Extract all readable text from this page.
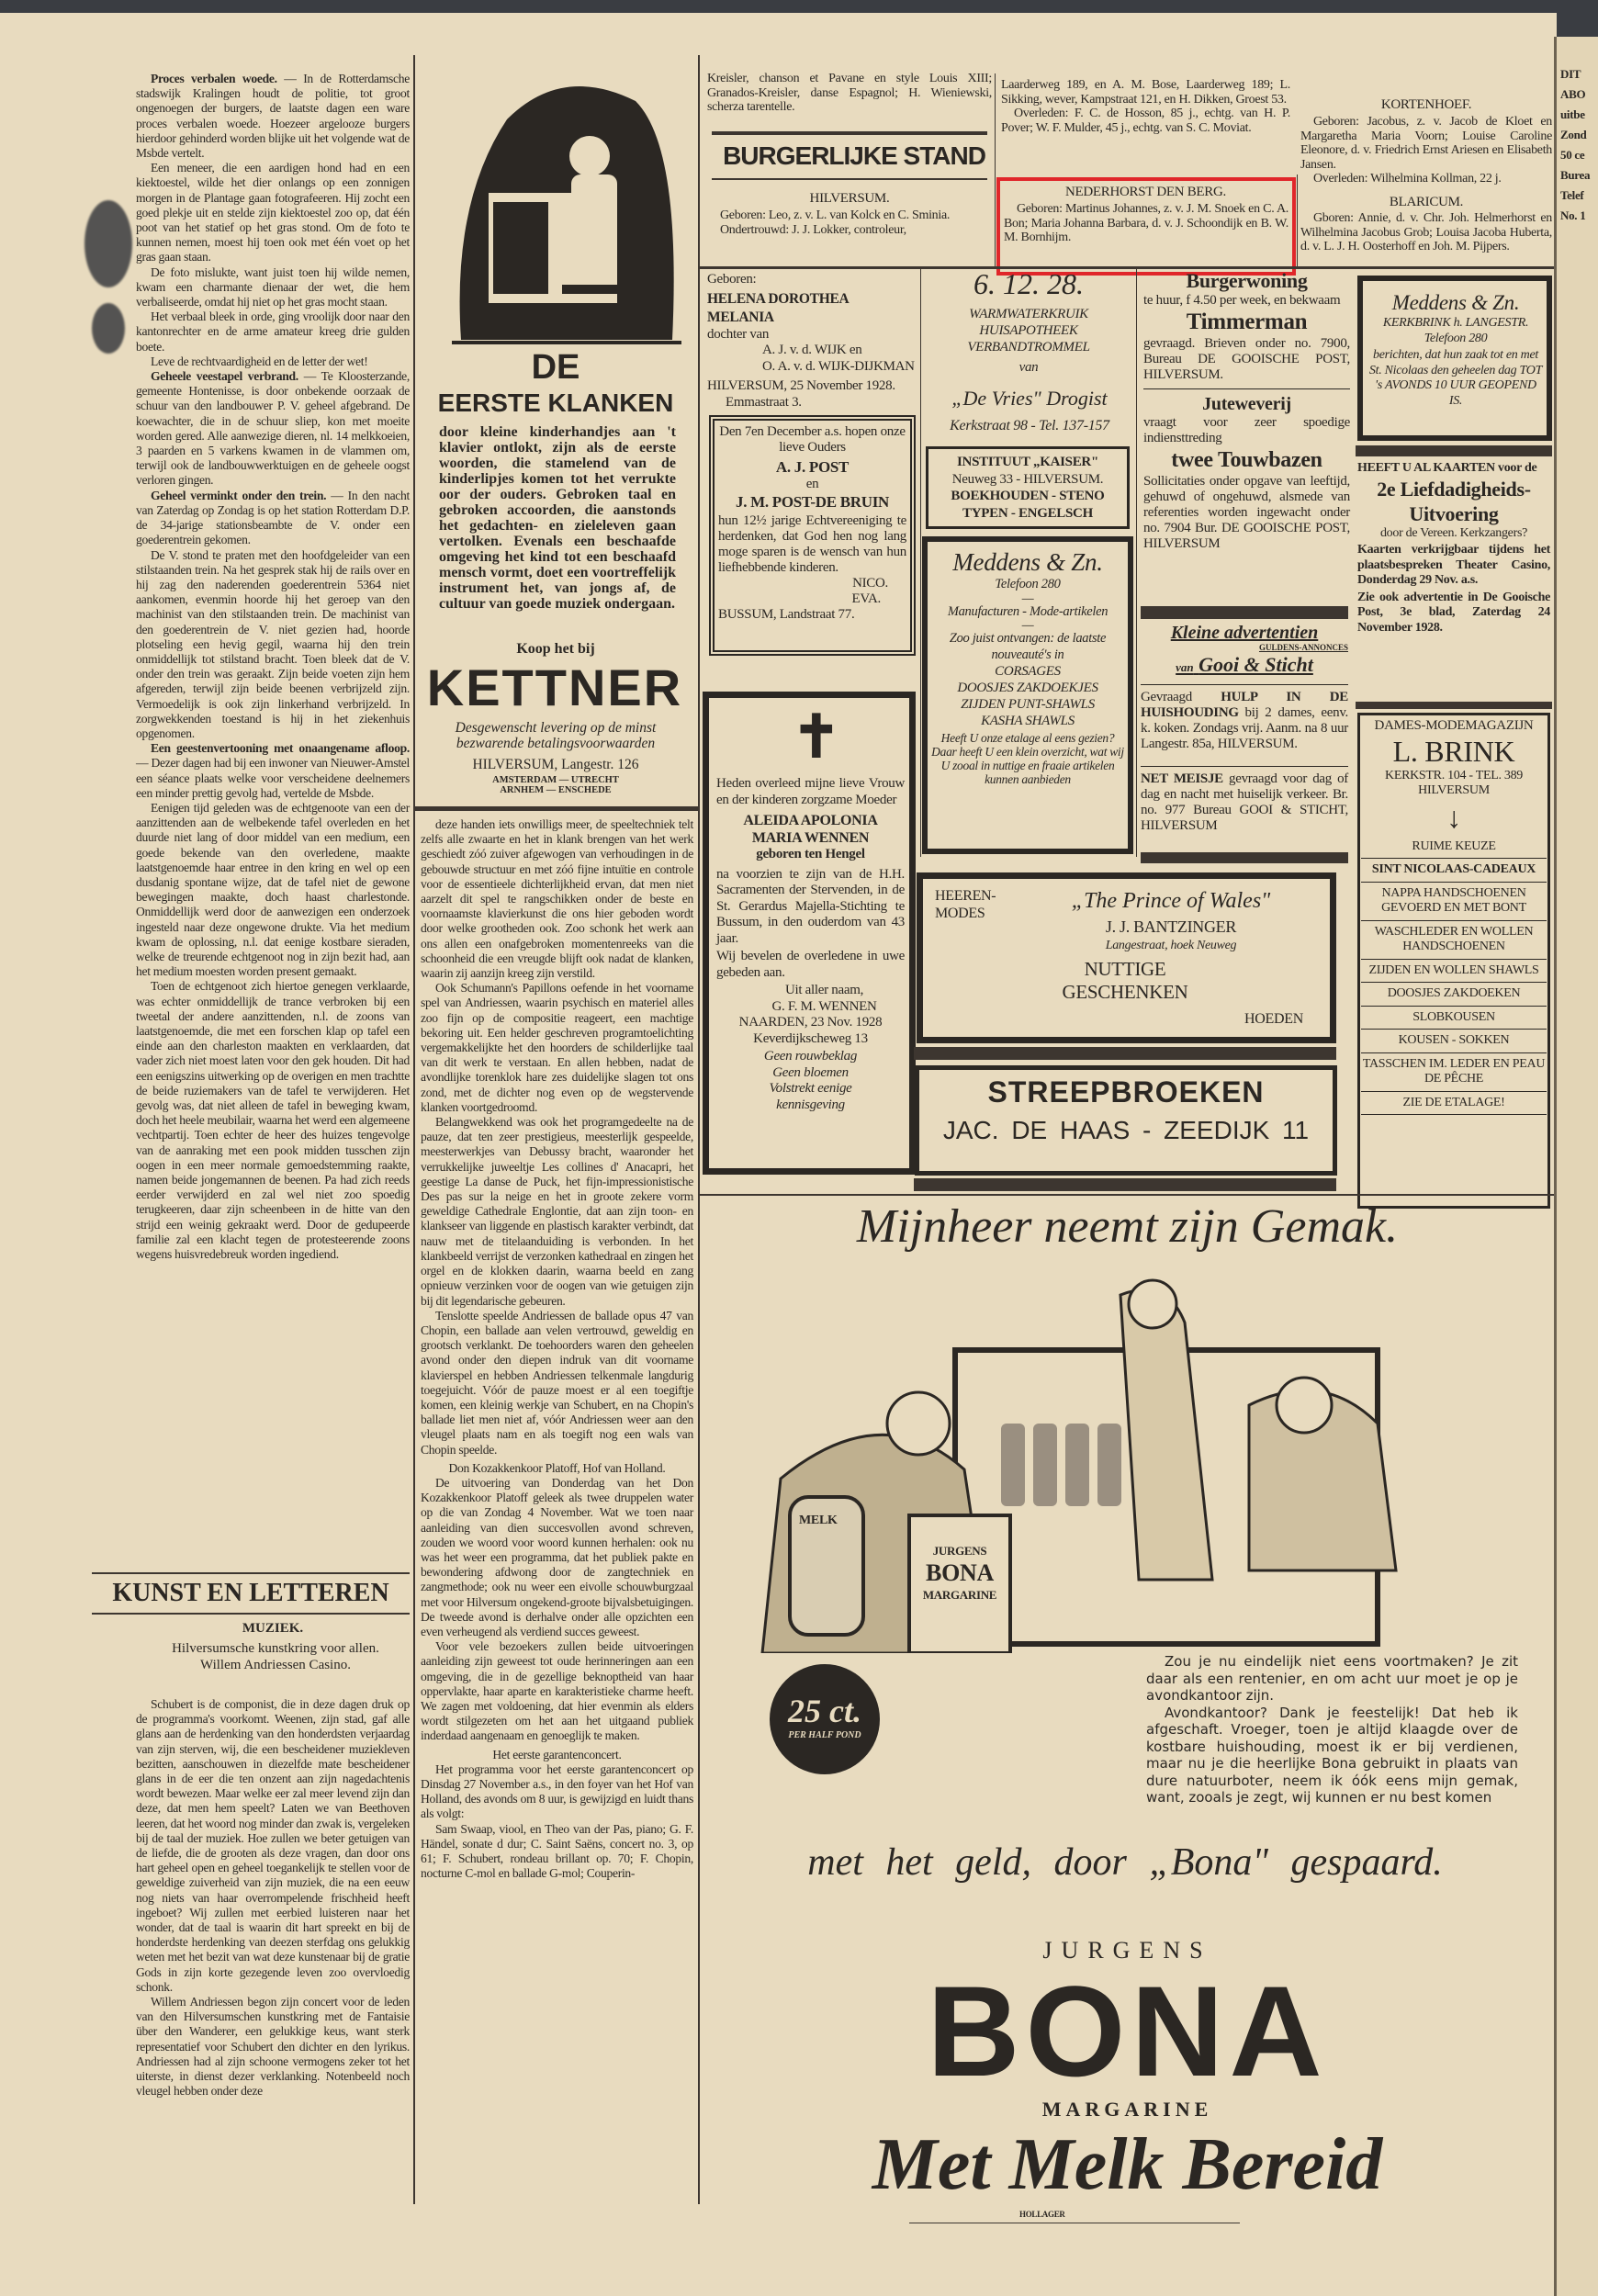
Proces verbalen woede. — In de Rotterdamsche stadswijk Kralingen houdt de politie, tot groot ongenoegen der burgers, de laatste dagen een ware proces verbalen woede. Hoezeer argelooze burgers hierdoor gehinderd worden blijke uit het volgende wat de Msbde vertelt.

Een meneer, die een aardigen hond had en een kiektoestel, wilde het dier onlangs op een zonnigen morgen in de Plantage gaan fotografeeren. Hij zocht een goed plekje uit en stelde zijn kiektoestel zoo op, dat één poot van het statief op het gras stond. Om de foto te kunnen nemen, moest hij toen ook met één voet op het gras gaan staan.

De foto mislukte, want juist toen hij wilde nemen, kwam een charmante dienaar der wet, die hem verbaliseerde, omdat hij niet op het gras mocht staan.

Het verbaal bleek in orde, ging vroolijk door naar den kantonrechter en de arme amateur kreeg drie gulden boete.

Leve de rechtvaardigheid en de letter der wet!

Geheele veestapel verbrand. — Te Kloosterzande, gemeente Hontenisse, is door onbekende oorzaak de schuur van den landbouwer P. V. geheel afgebrand. De koewachter, die in de schuur sliep, kon met moeite worden gered. Alle aanwezige dieren, nl. 14 melkkoeien, 3 paarden en 5 varkens kwamen in de vlammen om, terwijl ook de landbouwwerktuigen en de geheele oogst verloren gingen.

Geheel verminkt onder den trein. — In den nacht van Zaterdag op Zondag is op het station Rotterdam D.P. de 34-jarige stationsbeambte de V. onder een goederentrein gekomen.

De V. stond te praten met den hoofdgeleider van een stilstaanden trein. Na het gesprek stak hij de rails over en hij zag den naderenden goederentrein 5364 niet aankomen, evenmin hoorde hij het geroep van den machinist van den stilstaanden trein. De machinist van den goederentrein de V. niet gezien had, hoorde plotseling een hevig gegil, waarna hij den trein onmiddellijk tot stilstand bracht. Toen bleek dat de V. onder den trein was geraakt. Zijn beide voeten zijn hem afgereden, terwijl zijn beide beenen verbrijzeld zijn. Vermoedelijk is ook zijn linkerhand verbrijzeld. In zorgwekkenden toestand is hij in het ziekenhuis opgenomen.

Een geestenvertooning met onaangename afloop. — Dezer dagen had bij een inwoner van Nieuwer-Amstel een séance plaats welke voor verscheidene deelnemers een minder prettig gevolg had, vertelde de Msbde.

Eenigen tijd geleden was de echtgenoote van een der aanzittenden aan de welbekende tafel overleden en het duurde niet lang of door middel van een medium, een goede bekende van den overledene, maakte laatstgenoemde haar entree in den kring en wel op een dusdanig spontane wijze, dat de tafel niet de gewone bewegingen maakte, doch haast charlestonde. Onmiddellijk werd door de aanwezigen een onderzoek ingesteld naar deze ongewone drukte. Via het medium kwam de oplossing, n.l. dat eenige kostbare sieraden, welke de treurende echtgenoot nog in zijn bezit had, aan het medium moesten worden present gemaakt.

Toen de echtgenoot zich hiertoe genegen verklaarde, was echter onmiddellijk de trance verbroken bij een tweetal der andere aanzittenden, n.l. de zoons van laatstgenoemde, die met een forschen klap op tafel een einde aan den charleston maakten en verklaarden, dat vader zich niet moest laten voor den gek houden. Dit had een eenigszins uitwerking op de overigen en men trachtte de beide ruziemakers van de tafel te verwijderen. Het gevolg was, dat niet alleen de tafel in beweging kwam, doch het heele meubilair, waarna het werd een algemeene vechtpartij. Toen echter de heer des huizes tengevolge van de aanraking met een pook midden tusschen zijn oogen in een meer normale gemoedstemming raakte, namen beide jongemannen de beenen. Pa had zich reeds eerder verwijderd en zal wel niet zoo spoedig terugkeeren, daar zijn scheenbeen in de hitte van den strijd een weinig gekraakt werd. Door de gedupeerde familie zal een klacht tegen de protesteerende zoons wegens huisvredebreuk worden ingediend.

KUNST EN LETTEREN
MUZIEK.
Hilversumsche kunstkring voor allen. Willem Andriessen Casino.

Schubert is de componist, die in deze dagen druk op de programma's voorkomt. Weenen, zijn stad, gaf alle glans aan de herdenking van den honderdsten verjaardag van zijn sterven, wij, die een bescheidener muziekleven bezitten, aanschouwen in diezelfde mate bescheidener glans in de eer die ten onzent aan zijn nagedachtenis wordt bewezen. Maar welke eer zal meer levend zijn dan deze, dat men hem speelt? Laten we van Beethoven leeren, dat het woord nog minder dan zwak is, vergeleken bij de taal der muziek. Hoe zullen we beter getuigen van de liefde, die de grooten als deze vragen, dan door ons hart geheel open en geheel toegankelijk te stellen voor de geweldige zuiverheid van zijn muziek, die na een eeuw nog niets van haar overrompelende frischheid heeft ingeboet? Wij zullen met eerbied luisteren naar het wonder, dat de taal is waarin dit hart spreekt en bij de honderdste herdenking van deezen sterfdag ons gelukkig weten met het bezit van wat deze kunstenaar bij de gratie Gods in zijn korte gezegende leven zoo overvloedig schonk.

Willem Andriessen begon zijn concert voor de leden van den Hilversumschen kunstkring met de Fantaisie über den Wanderer, een gelukkige keus, want sterk representatief voor Schubert den dichter en den lyrikus. Andriessen had al zijn schoone vermogens zeker tot het uiterste, in dienst dezer verklanking. Notenbeeld noch vleugel hebben onder deze

DE
EERSTE KLANKEN
door kleine kinderhandjes aan 't klavier ontlokt, zijn als de eerste woorden, die stamelend van de kinderlipjes komen tot het verrukte oor der ouders. Gebroken taal en gebroken accoorden, die aanstonds het gedachten- en zieleleven gaan vertolken. Evenals een beschaafde omgeving het kind tot een beschaafd mensch vormt, doet een voortreffelijk instrument het, van jongs af, de cultuur van goede muziek ondergaan.
Koop het bij
KETTNER
Desgewenscht levering op de minst bezwarende betalingsvoorwaarden
HILVERSUM, Langestr. 126
AMSTERDAM — UTRECHT
ARNHEM — ENSCHEDE

deze handen iets onwilligs meer, de speeltechniek telt zelfs alle zwaarte en het in klank brengen van het werk geschiedt zóó zuiver afgewogen van verhoudingen in de gebouwde structuur en met zóó fijne intuïtie en controle voor de essentieele dichterlijkheid ervan, dat men niet aarzelt dit spel te rangschikken onder de beste en voornaamste klavierkunst die ons hier geboden wordt door welke grootheden ook. Zoo schonk het werk aan ons allen een onafgebroken momentenreeks van die schoonheid die een vreugde blijft ook nadat de klanken, waarin zij aanzijn kreeg zijn verstild.

Ook Schumann's Papillons oefende in het voorname spel van Andriessen, waarin psychisch en materiel alles zoo fijn op de compositie reageert, een machtige bekoring uit. Een helder geschreven programtoelichting vergemakkelijkte het den hoorders de schilderlijke taal van dit werk te verstaan. En allen hebben, nadat de avondlijke torenklok hare zes duidelijke slagen tot ons zond, met de dichter nog even op de wegstervende klanken voortgedroomd.

Belangwekkend was ook het programgedeelte na de pauze, dat ten zeer prestigieus, meesterlijk gespeelde, meesterwerkjes van Debussy bracht, waaronder het verrukkelijke juweeltje Les collines d' Anacapri, het geestige La danse de Puck, het fijn-impressionistische Des pas sur la neige en het in groote zekere vorm geweldige Cathedrale Englontie, dat aan zijn toon- en klankseer van liggende en plastisch karakter verbindt, dat nauw met de titelaanduiding is verbonden. In het klankbeeld verrijst de verzonken kathedraal en zingen het orgel en de klokken daarin, waarna beeld en zang opnieuw verzinken voor de oogen van wie getuigen zijn bij dit legendarische gebeuren.

Tenslotte speelde Andriessen de ballade opus 47 van Chopin, een ballade aan velen vertrouwd, geweldig en grootsch verklankt. De toehoorders waren den geheelen avond onder den diepen indruk van dit voorname klavierspel en hebben Andriessen telkenmale langdurig toegejuicht. Vóór de pauze moest er al een toegiftje komen, een kleinig werkje van Schubert, en na Chopin's ballade liet men niet af, vóór Andriessen weer aan den vleugel plaats nam en als toegift nog een wals van Chopin speelde.

Don Kozakkenkoor Platoff, Hof van Holland.

De uitvoering van Donderdag van het Don Kozakkenkoor Platoff geleek als twee druppelen water op die van Zondag 4 November. Wat we toen naar aanleiding van dien succesvollen avond schreven, zouden we woord voor woord kunnen herhalen: ook nu was het weer een programma, dat het publiek pakte en bewondering afdwong door de zangtechniek en zangmethode; ook nu weer een eivolle schouwburgzaal met voor Hilversum ongekend-groote bijvalsbetuigingen. De tweede avond is derhalve onder alle opzichten een even verheugend als verdiend succes geweest.

Voor vele bezoekers zullen beide uitvoeringen aanleiding zijn geweest tot oude herinneringen aan een omgeving, die in de gezellige beknoptheid van haar oppervlakte, haar aparte en karakteristieke charme heeft. We zagen met voldoening, dat hier evenmin als elders wordt stilgezeten om het aan het uitgaand publiek inderdaad aangenaam en genoeglijk te maken.

Het eerste garantenconcert.

Het programma voor het eerste garantenconcert op Dinsdag 27 November a.s., in den foyer van het Hof van Holland, des avonds om 8 uur, is gewijzigd en luidt thans als volgt:

Sam Swaap, viool, en Theo van der Pas, piano; G. F. Händel, sonate d dur; C. Saint Saëns, concert no. 3, op 61; F. Schubert, rondeau brillant op. 70; F. Chopin, nocturne C-mol en ballade G-mol; Couperin-

Kreisler, chanson et Pavane en style Louis XIII; Granados-Kreisler, danse Espagnol; H. Wieniewski, scherza tarentelle.
BURGERLIJKE STAND
HILVERSUM.

Geboren: Leo, z. v. L. van Kolck en C. Sminia.

Ondertrouwd: J. J. Lokker, controleur,

Laarderweg 189, en A. M. Bose, Laarderweg 189; L. Sikking, wever, Kampstraat 121, en H. Dikken, Groest 53.

Overleden: F. C. de Hosson, 85 j., echtg. van H. P. Pover; W. F. Mulder, 45 j., echtg. van S. C. Moviat.

NEDERHORST DEN BERG.

Geboren: Martinus Johannes, z. v. J. M. Snoek en C. A. Bon; Maria Johanna Barbara, d. v. J. Schoondijk en B. W. M. Bornhijm.

KORTENHOEF.

Geboren: Jacobus, z. v. Jacob de Kloet en Margaretha Maria Voorn; Louise Caroline Eleonore, d. v. Friedrich Ernst Ariesen en Elisabeth Jansen.

Overleden: Wilhelmina Kollman, 22 j.

BLARICUM.

Gboren: Annie, d. v. Chr. Joh. Helmerhorst en Wilhelmina Jacobus Grob; Louisa Jacoba Huberta, d. v. L. J. H. Oosterhoff en Joh. M. Pijpers.

Geboren:
HELENA DOROTHEA MELANIA
dochter van
A. J. v. d. WIJK en
O. A. v. d. WIJK-DIJKMAN
HILVERSUM, 25 November 1928.
Emmastraat 3.
Den 7en December a.s. hopen onze lieve Ouders
A. J. POST
en
J. M. POST-DE BRUIN
hun 12½ jarige Echtvereeniging te herdenken, dat God hen nog lang moge sparen is de wensch van hun liefhebbende kinderen.
NICO.
EVA.
BUSSUM, Landstraat 77.
✝
Heden overleed mijne lieve Vrouw en der kinderen zorgzame Moeder
ALEIDA APOLONIA
MARIA WENNEN
geboren ten Hengel
na voorzien te zijn van de H.H. Sacramenten der Stervenden, in de St. Gerardus Majella-Stichting te Bussum, in den ouderdom van 43 jaar.
Wij bevelen de overledene in uwe gebeden aan.
Uit aller naam,
G. F. M. WENNEN
NAARDEN, 23 Nov. 1928
Keverdijkscheweg 13
Geen rouwbeklag
Geen bloemen
Volstrekt eenige kennisgeving
6. 12. 28.
WARMWATERKRUIK
HUISAPOTHEEK
VERBANDTROMMEL
van
„De Vries" Drogist
Kerkstraat 98 - Tel. 137-157
INSTITUUT „KAISER"
Neuweg 33 - HILVERSUM.
BOEKHOUDEN - STENO
TYPEN - ENGELSCH
Meddens & Zn.
Telefoon 280
—
Manufacturen - Mode-artikelen
—
Zoo juist ontvangen: de laatste nouveauté's in
CORSAGES
DOOSJES ZAKDOEKJES
ZIJDEN PUNT-SHAWLS
KASHA SHAWLS
Heeft U onze etalage al eens gezien? Daar heeft U een klein overzicht, wat wij U zooal in nuttige en fraaie artikelen kunnen aanbieden
Burgerwoning
te huur, f 4.50 per week, en bekwaam
Timmerman
gevraagd. Brieven onder no. 7900, Bureau DE GOOISCHE POST, HILVERSUM.
Juteweverij
vraagt voor zeer spoedige indiensttreding
twee Touwbazen
Sollicitaties onder opgave van leeftijd, gehuwd of ongehuwd, alsmede van referenties worden ingewacht onder no. 7904 Bur. DE GOOISCHE POST, HILVERSUM
Kleine advertentien
GULDENS-ANNONCES
van Gooi & Sticht
Gevraagd HULP IN DE HUISHOUDING bij 2 dames, eenv. k. koken. Zondags vrij. Aanm. na 8 uur Langestr. 85a, HILVERSUM.
NET MEISJE gevraagd voor dag of dag en nacht met huiselijk verkeer. Br. no. 977 Bureau GOOI & STICHT, HILVERSUM
Meddens & Zn.
KERKBRINK h. LANGESTR.
Telefoon 280
berichten, dat hun zaak tot en met St. Nicolaas den geheelen dag TOT 's AVONDS 10 UUR GEOPEND IS.
HEEFT U AL KAARTEN voor de
2e Liefdadigheids-
Uitvoering
door de Vereen. Kerkzangers?
Kaarten verkrijgbaar tijdens het plaatsbespreken Theater Casino, Donderdag 29 Nov. a.s.
Zie ook advertentie in De Gooische Post, 3e blad, Zaterdag 24 November 1928.
DAMES-MODEMAGAZIJN
L. BRINK
KERKSTR. 104 - TEL. 389
HILVERSUM
↓
RUIME KEUZE
SINT NICOLAAS-CADEAUX
NAPPA HANDSCHOENEN GEVOERD EN MET BONT
WASCHLEDER EN WOLLEN HANDSCHOENEN
ZIJDEN EN WOLLEN SHAWLS
DOOSJES ZAKDOEKEN
SLOBKOUSEN
KOUSEN - SOKKEN
TASSCHEN IM. LEDER EN PEAU DE PÊCHE
ZIE DE ETALAGE!
HEEREN-
MODES
„The Prince of Wales"
J. J. BANTZINGER
Langestraat, hoek Neuweg
NUTTIGE
GESCHENKEN
HOEDEN
STREEPBROEKEN
JAC. DE HAAS - ZEEDIJK 11
Mijnheer neemt zijn Gemak.
MELK
JURGENS
BONA
MARGARINE
25 ct.
PER HALF POND

Zou je nu eindelijk niet eens voortmaken? Je zit daar als een rentenier, en om acht uur moet je op je avondkantoor zijn.

Avondkantoor? Dank je feestelijk! Dat heb ik afgeschaft. Vroeger, toen je altijd klaagde over de kostbare huishouding, moest ik er bij verdienen, maar nu je die heerlijke Bona gebruikt in plaats van dure natuurboter, neem ik óók eens mijn gemak, want, zooals je zegt, wij kunnen er nu best komen

met het geld, door „Bona" gespaard.
JURGENS
BONA
MARGARINE
Met Melk Bereid
HOLLAGER
DIT
ABO
uitbe
Zond
50 ce
Burea
Telef
No. 1
